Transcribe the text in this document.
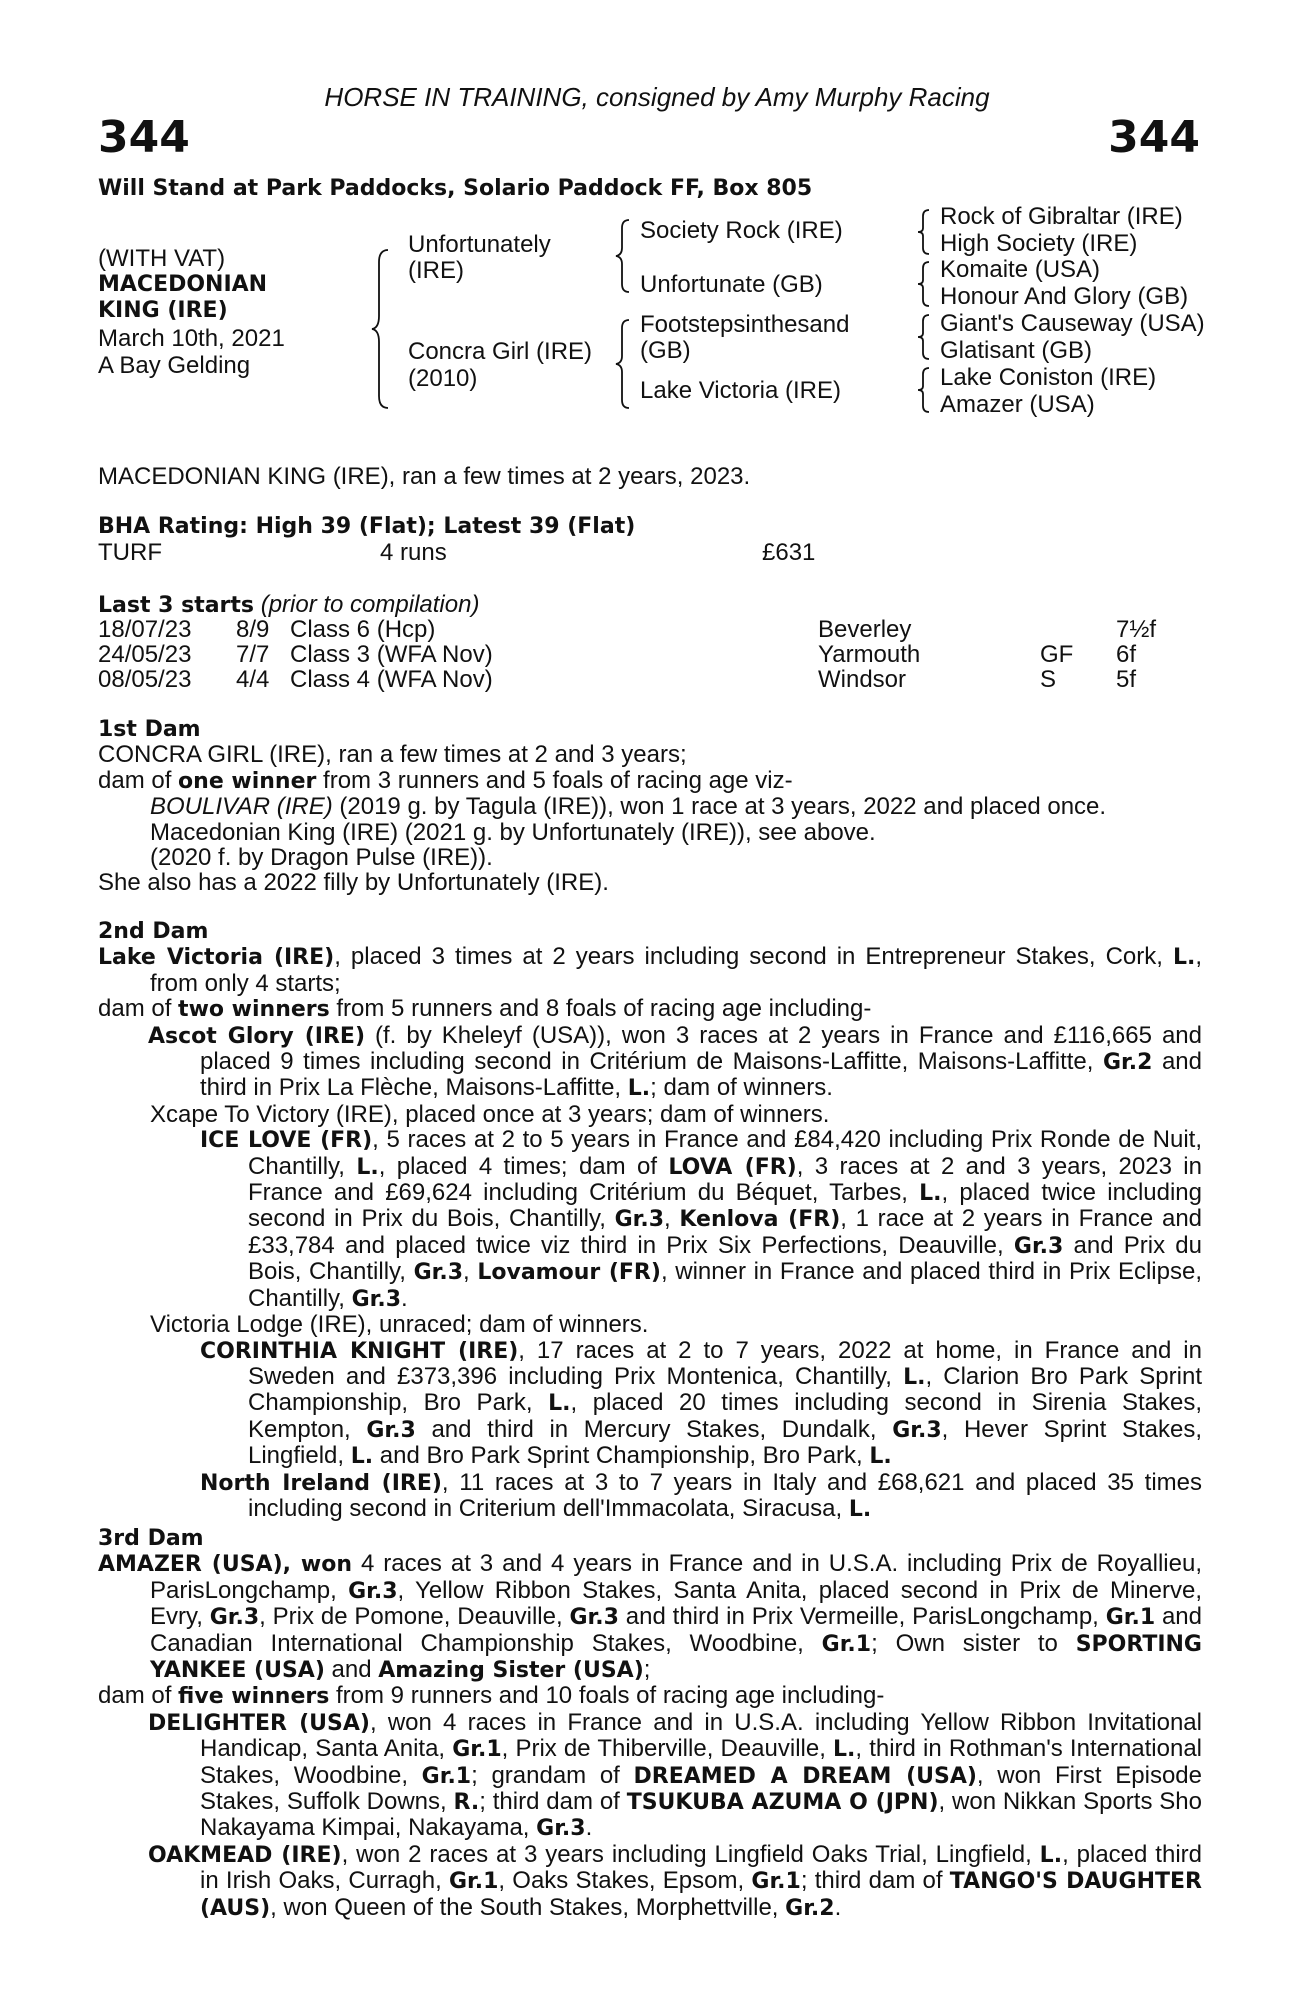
HORSE IN TRAINING, consigned by Amy Murphy Racing
344	344
Will Stand at Park Paddocks, Solario Paddock FF, Box 805
(WITH VAT)
MACEDONIAN
KING (IRE)
March 10th, 2021
A Bay Gelding
Unfortunately
(IRE)
Concra Girl (IRE)
(2010)
Society Rock (IRE)
Unfortunate (GB)
Footstepsinthesand
(GB)
Lake Victoria (IRE)
Rock of Gibraltar (IRE)
High Society (IRE)
Komaite (USA)
Honour And Glory (GB)
Giant's Causeway (USA)
Glatisant (GB)
Lake Coniston (IRE)
Amazer (USA)
MACEDONIAN KING (IRE), ran a few times at 2 years, 2023.
BHA Rating: High 39 (Flat); Latest 39 (Flat)
TURF	4 runs	£631
Last 3 starts (prior to compilation)
18/07/23 8/9 Class 6 (Hcp)	Beverley	7½f
24/05/23 7/7 Class 3 (WFA Nov)	Yarmouth	GF 6f
08/05/23 4/4 Class 4 (WFA Nov)	Windsor	S 5f

1st Dam

CONCRA GIRL (IRE), ran a few times at 2 and 3 years;

dam of one winner from 3 runners and 5 foals of racing age viz-

BOULIVAR (IRE) (2019 g. by Tagula (IRE)), won 1 race at 3 years, 2022 and placed once.

Macedonian King (IRE) (2021 g. by Unfortunately (IRE)), see above.

(2020 f. by Dragon Pulse (IRE)).

She also has a 2022 filly by Unfortunately (IRE).

2nd Dam

Lake Victoria (IRE), placed 3 times at 2 years including second in Entrepreneur Stakes, Cork, L., from only 4 starts;

dam of two winners from 5 runners and 8 foals of racing age including-

Ascot Glory (IRE) (f. by Kheleyf (USA)), won 3 races at 2 years in France and £116,665 and placed 9 times including second in Critérium de Maisons-Laffitte, Maisons-Laffitte, Gr.2 and third in Prix La Flèche, Maisons-Laffitte, L.; dam of winners.

Xcape To Victory (IRE), placed once at 3 years; dam of winners.

ICE LOVE (FR), 5 races at 2 to 5 years in France and £84,420 including Prix Ronde de Nuit, Chantilly, L., placed 4 times; dam of LOVA (FR), 3 races at 2 and 3 years, 2023 in France and £69,624 including Critérium du Béquet, Tarbes, L., placed twice including second in Prix du Bois, Chantilly, Gr.3, Kenlova (FR), 1 race at 2 years in France and £33,784 and placed twice viz third in Prix Six Perfections, Deauville, Gr.3 and Prix du Bois, Chantilly, Gr.3, Lovamour (FR), winner in France and placed third in Prix Eclipse, Chantilly, Gr.3.

Victoria Lodge (IRE), unraced; dam of winners.

CORINTHIA KNIGHT (IRE), 17 races at 2 to 7 years, 2022 at home, in France and in Sweden and £373,396 including Prix Montenica, Chantilly, L., Clarion Bro Park Sprint Championship, Bro Park, L., placed 20 times including second in Sirenia Stakes, Kempton, Gr.3 and third in Mercury Stakes, Dundalk, Gr.3, Hever Sprint Stakes, Lingfield, L. and Bro Park Sprint Championship, Bro Park, L.

North Ireland (IRE), 11 races at 3 to 7 years in Italy and £68,621 and placed 35 times including second in Criterium dell'Immacolata, Siracusa, L.

3rd Dam

AMAZER (USA), won 4 races at 3 and 4 years in France and in U.S.A. including Prix de Royallieu, ParisLongchamp, Gr.3, Yellow Ribbon Stakes, Santa Anita, placed second in Prix de Minerve, Evry, Gr.3, Prix de Pomone, Deauville, Gr.3 and third in Prix Vermeille, ParisLongchamp, Gr.1 and Canadian International Championship Stakes, Woodbine, Gr.1; Own sister to SPORTING YANKEE (USA) and Amazing Sister (USA);

dam of five winners from 9 runners and 10 foals of racing age including-

DELIGHTER (USA), won 4 races in France and in U.S.A. including Yellow Ribbon Invitational Handicap, Santa Anita, Gr.1, Prix de Thiberville, Deauville, L., third in Rothman's International Stakes, Woodbine, Gr.1; grandam of DREAMED A DREAM (USA), won First Episode Stakes, Suffolk Downs, R.; third dam of TSUKUBA AZUMA O (JPN), won Nikkan Sports Sho Nakayama Kimpai, Nakayama, Gr.3.

OAKMEAD (IRE), won 2 races at 3 years including Lingfield Oaks Trial, Lingfield, L., placed third in Irish Oaks, Curragh, Gr.1, Oaks Stakes, Epsom, Gr.1; third dam of TANGO'S DAUGHTER (AUS), won Queen of the South Stakes, Morphettville, Gr.2.
